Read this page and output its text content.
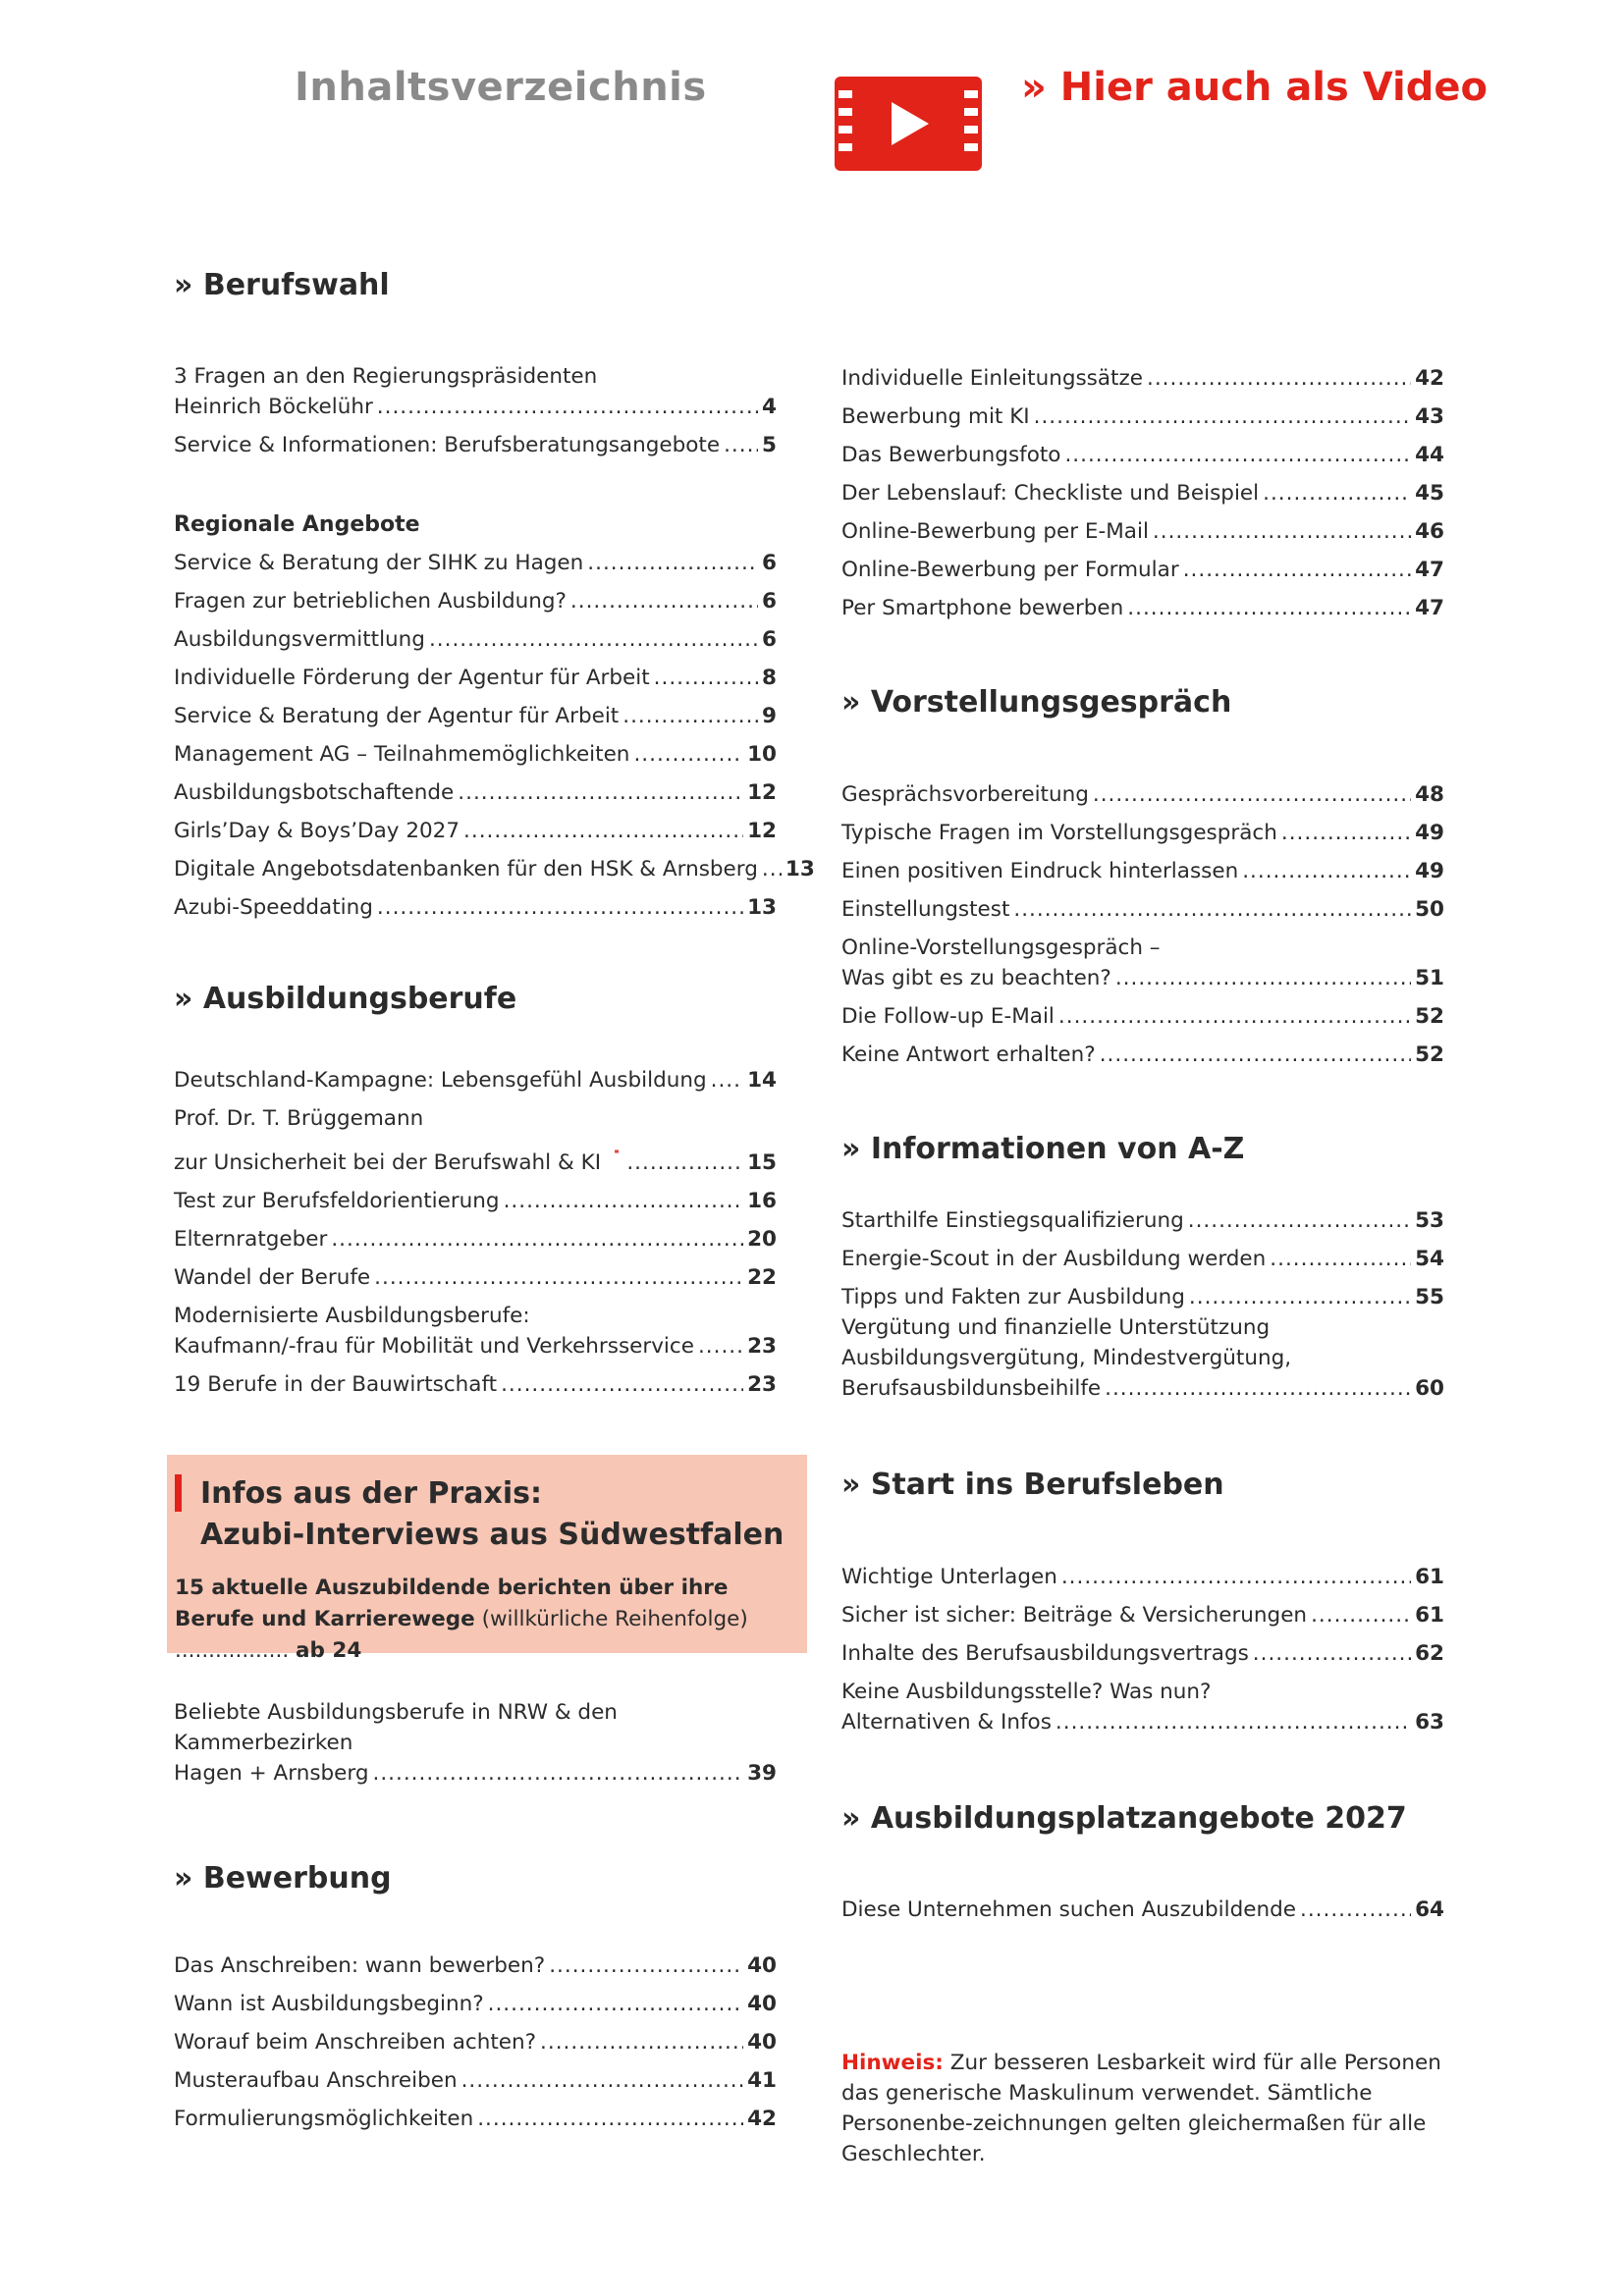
Inhaltsverzeichnis	» Hier auch als Video
» Berufswahl
3 Fragen an den Regierungspräsidenten
Heinrich Böckelühr .....	4
Service & Informationen: Berufsberatungsangebote ..... 5
Regionale Angebote
Service & Beratung der SIHK zu Hagen .....	6
Fragen zur betrieblichen Ausbildung? .....	6
Ausbildungsvermittlung .....	6
Individuelle Förderung der Agentur für Arbeit .....	8
Service & Beratung der Agentur für Arbeit .....	9
Management AG – Teilnahmemöglichkeiten .....	10
Ausbildungsbotschaftende .....	12
Girls’Day & Boys’Day 2027 .....	12
Digitale Angebotsdatenbanken für den HSK & Arnsberg ..... 13
Azubi-Speeddating .....	13
» Ausbildungsberufe
Deutschland-Kampagne: Lebensgefühl Ausbildung ..... 14
Prof. Dr. T. Brüggemann
zur Unsicherheit bei der Berufswahl & KI .....	15
Test zur Berufsfeldorientierung .....	16
Elternratgeber .....	20
Wandel der Berufe .....	22
Modernisierte Ausbildungsberufe:
Kaufmann/-frau für Mobilität und Verkehrsservice .....	23
19 Berufe in der Bauwirtschaft .....	23
Infos aus der Praxis:
Azubi-Interviews aus Südwestfalen
15 aktuelle Auszubildende berichten über ihre Berufe und Karrierewege (willkürliche Reihenfolge) ................. ab 24
Beliebte Ausbildungsberufe in NRW & den Kammerbezirken
Hagen + Arnsberg .....	39
» Bewerbung
Das Anschreiben: wann bewerben? .....	40
Wann ist Ausbildungsbeginn? .....	40
Worauf beim Anschreiben achten? .....	40
Musteraufbau Anschreiben .....	41
Formulierungsmöglichkeiten .....	42
Individuelle Einleitungssätze .....	42
Bewerbung mit KI .....	43
Das Bewerbungsfoto .....	44
Der Lebenslauf: Checkliste und Beispiel .....	45
Online-Bewerbung per E-Mail .....	46
Online-Bewerbung per Formular .....	47
Per Smartphone bewerben .....	47
» Vorstellungsgespräch
Gesprächsvorbereitung .....	48
Typische Fragen im Vorstellungsgespräch .....	49
Einen positiven Eindruck hinterlassen .....	49
Einstellungstest .....	50
Online-Vorstellungsgespräch –
Was gibt es zu beachten? .....	51
Die Follow-up E-Mail .....	52
Keine Antwort erhalten? .....	52
» Informationen von A-Z
Starthilfe Einstiegsqualifizierung .....	53
Energie-Scout in der Ausbildung werden .....	54
Tipps und Fakten zur Ausbildung .....	55
Vergütung und finanzielle Unterstützung
Ausbildungsvergütung, Mindestvergütung,
Berufsausbildunsbeihilfe .....	60
» Start ins Berufsleben
Wichtige Unterlagen .....	61
Sicher ist sicher: Beiträge & Versicherungen .....	61
Inhalte des Berufsausbildungsvertrags .....	62
Keine Ausbildungsstelle? Was nun?
Alternativen & Infos .....	63
» Ausbildungsplatzangebote 2027
Diese Unternehmen suchen Auszubildende .....	64
Hinweis: Zur besseren Lesbarkeit wird für alle Personen das generische Maskulinum verwendet. Sämtliche Personenbe-zeichnungen gelten gleichermaßen für alle Geschlechter.
